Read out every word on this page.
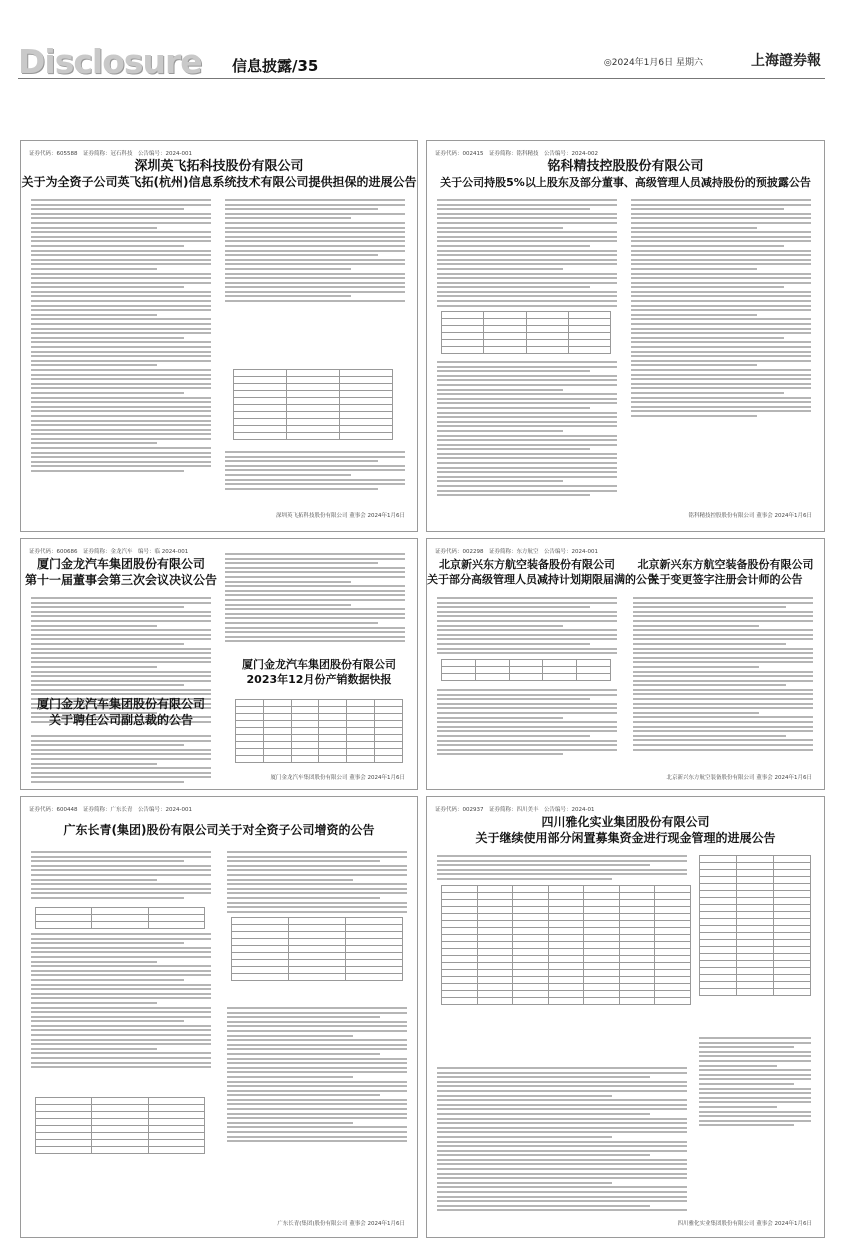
Disclosure 信息披露/35	◎2024年1月6日 星期六	上海證券報
证券代码：605588　证券简称：冠石科技　公告编号：2024-001
深圳英飞拓科技股份有限公司
关于为全资子公司英飞拓(杭州)信息系统技术有限公司提供担保的进展公告

深圳英飞拓科技股份有限公司 董事会 2024年1月6日
证券代码：002415　证券简称：铭科精技　公告编号：2024-002
铭科精技控股股份有限公司
关于公司持股5%以上股东及部分董事、高级管理人员减持股份的预披露公告

铭科精技控股股份有限公司 董事会 2024年1月6日
证券代码：600686　证券简称：金龙汽车　编号：临 2024-001
厦门金龙汽车集团股份有限公司
第十一届董事会第三次会议决议公告
厦门金龙汽车集团股份有限公司
关于聘任公司副总裁的公告
厦门金龙汽车集团股份有限公司
2023年12月份产销数据快报

厦门金龙汽车集团股份有限公司 董事会 2024年1月6日
证券代码：002298　证券简称：东方航空　公告编号：2024-001
北京新兴东方航空装备股份有限公司
关于部分高级管理人员减持计划期限届满的公告
北京新兴东方航空装备股份有限公司
关于变更签字注册会计师的公告

北京新兴东方航空装备股份有限公司 董事会 2024年1月6日
证券代码：600448　证券简称：广东长青　公告编号：2024-001
广东长青(集团)股份有限公司关于对全资子公司增资的公告

广东长青(集团)股份有限公司 董事会 2024年1月6日
证券代码：002937　证券简称：四川美丰　公告编号：2024-01
四川雅化实业集团股份有限公司
关于继续使用部分闲置募集资金进行现金管理的进展公告

四川雅化实业集团股份有限公司 董事会 2024年1月6日
